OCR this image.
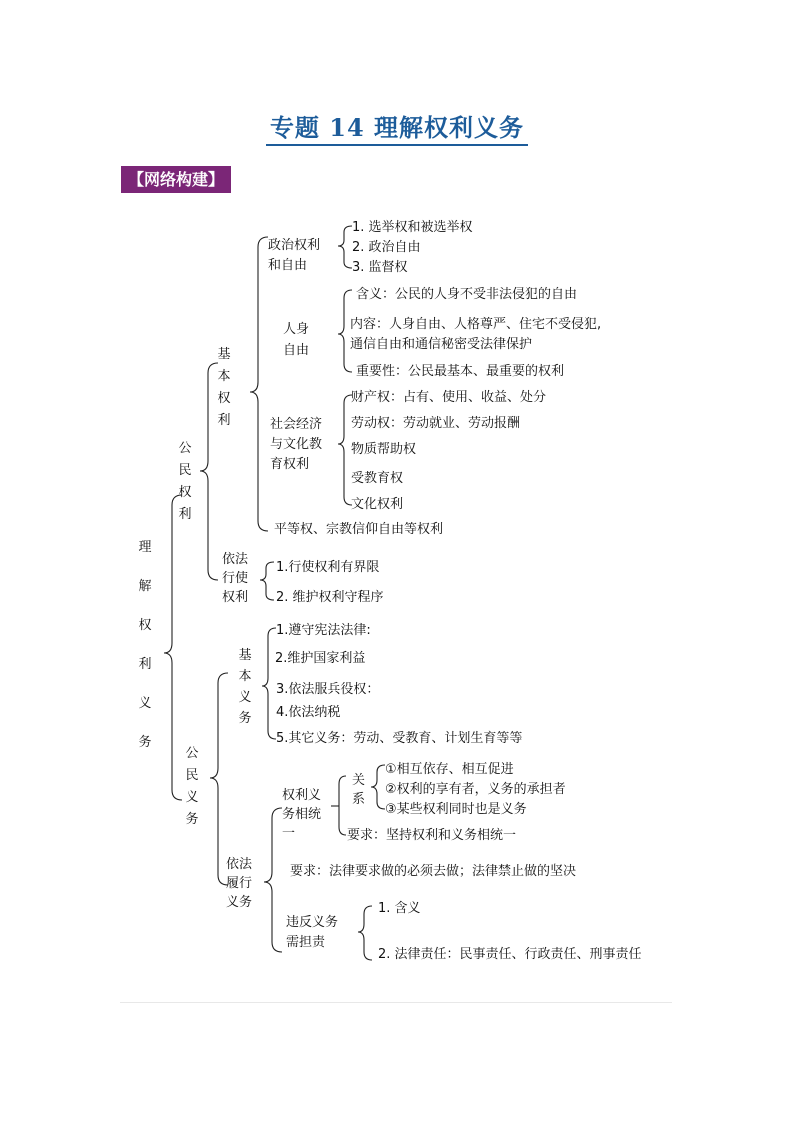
专题 14 理解权利义务
【网络构建】
理
解
权
利
义
务
公
民
权
利
基
本
权
利
政治权利
和自由
1. 选举权和被选举权
2. 政治自由
3. 监督权
人身
自由
含义：公民的人身不受非法侵犯的自由
内容：人身自由、人格尊严、住宅不受侵犯,
通信自由和通信秘密受法律保护
重要性：公民最基本、最重要的权利
社会经济
与文化教
育权利
财产权：占有、使用、收益、处分
劳动权：劳动就业、劳动报酬
物质帮助权
受教育权
文化权利
平等权、宗教信仰自由等权利
依法
行使
权利
1.行使权利有界限
2. 维护权利守程序
公
民
义
务
基
本
义
务
1.遵守宪法法律:
2.维护国家利益
3.依法服兵役权：
4.依法纳税
5.其它义务：劳动、受教育、计划生育等等
依法
履行
义务
权利义
务相统
一
关
系
①相互依存、相互促进
②权利的享有者，义务的承担者
③某些权利同时也是义务
要求：坚持权利和义务相统一
要求：法律要求做的必须去做；法律禁止做的坚决
违反义务
需担责
1. 含义
2. 法律责任：民事责任、行政责任、刑事责任
